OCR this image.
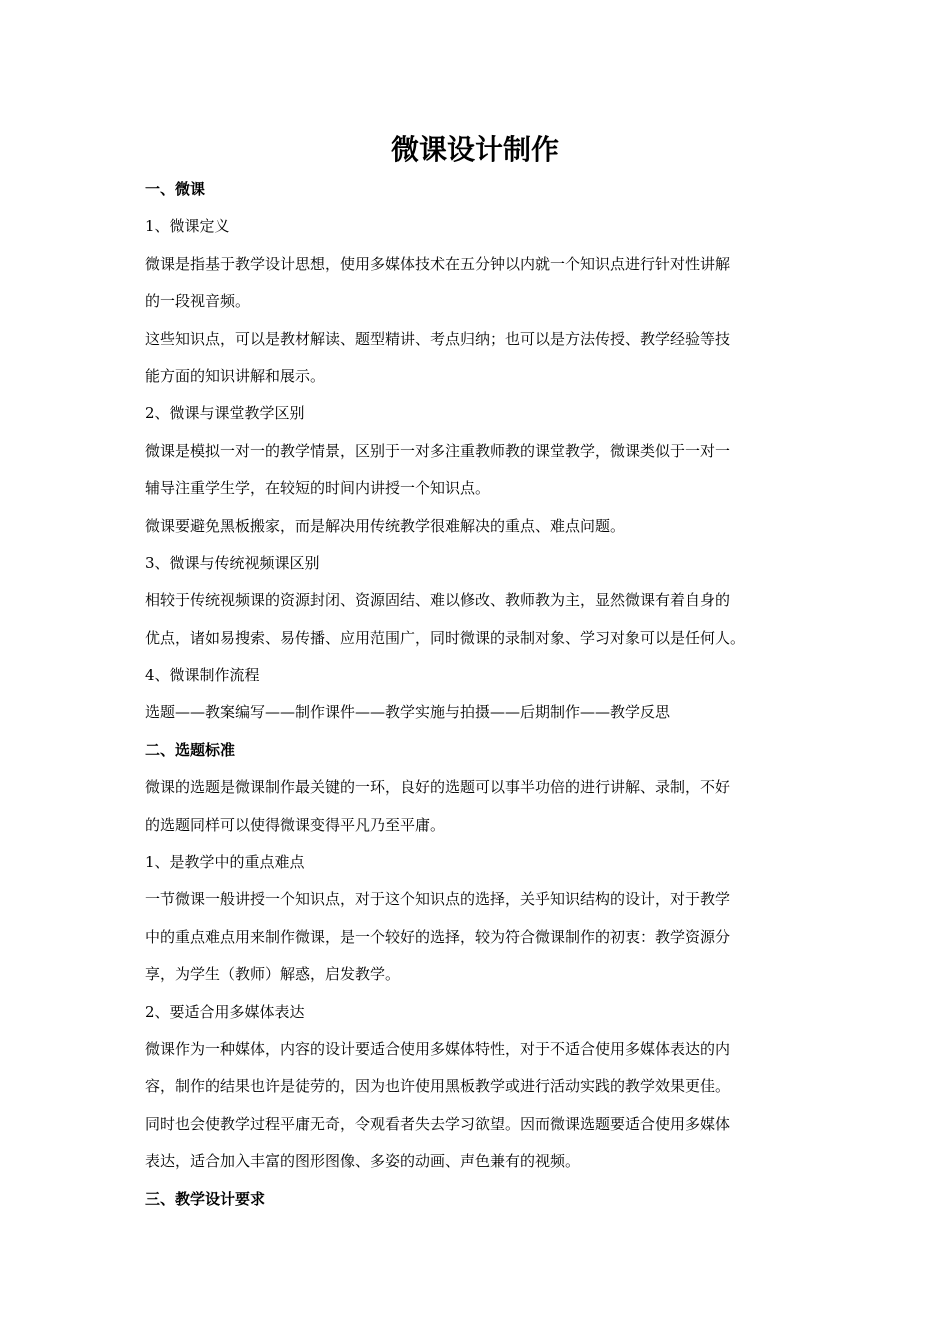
微课设计制作
一、微课
1、微课定义
微课是指基于教学设计思想，使用多媒体技术在五分钟以内就一个知识点进行针对性讲解
的一段视音频。
这些知识点，可以是教材解读、题型精讲、考点归纳；也可以是方法传授、教学经验等技
能方面的知识讲解和展示。
2、微课与课堂教学区别
微课是模拟一对一的教学情景，区别于一对多注重教师教的课堂教学，微课类似于一对一
辅导注重学生学，在较短的时间内讲授一个知识点。
微课要避免黑板搬家，而是解决用传统教学很难解决的重点、难点问题。
3、微课与传统视频课区别
相较于传统视频课的资源封闭、资源固结、难以修改、教师教为主，显然微课有着自身的
优点，诸如易搜索、易传播、应用范围广，同时微课的录制对象、学习对象可以是任何人。
4、微课制作流程
选题——教案编写——制作课件——教学实施与拍摄——后期制作——教学反思
二、选题标准
微课的选题是微课制作最关键的一环，良好的选题可以事半功倍的进行讲解、录制，不好
的选题同样可以使得微课变得平凡乃至平庸。
1、是教学中的重点难点
一节微课一般讲授一个知识点，对于这个知识点的选择，关乎知识结构的设计，对于教学
中的重点难点用来制作微课，是一个较好的选择，较为符合微课制作的初衷：教学资源分
享，为学生（教师）解惑，启发教学。
2、要适合用多媒体表达
微课作为一种媒体，内容的设计要适合使用多媒体特性，对于不适合使用多媒体表达的内
容，制作的结果也许是徒劳的，因为也许使用黑板教学或进行活动实践的教学效果更佳。
同时也会使教学过程平庸无奇，令观看者失去学习欲望。因而微课选题要适合使用多媒体
表达，适合加入丰富的图形图像、多姿的动画、声色兼有的视频。
三、教学设计要求
